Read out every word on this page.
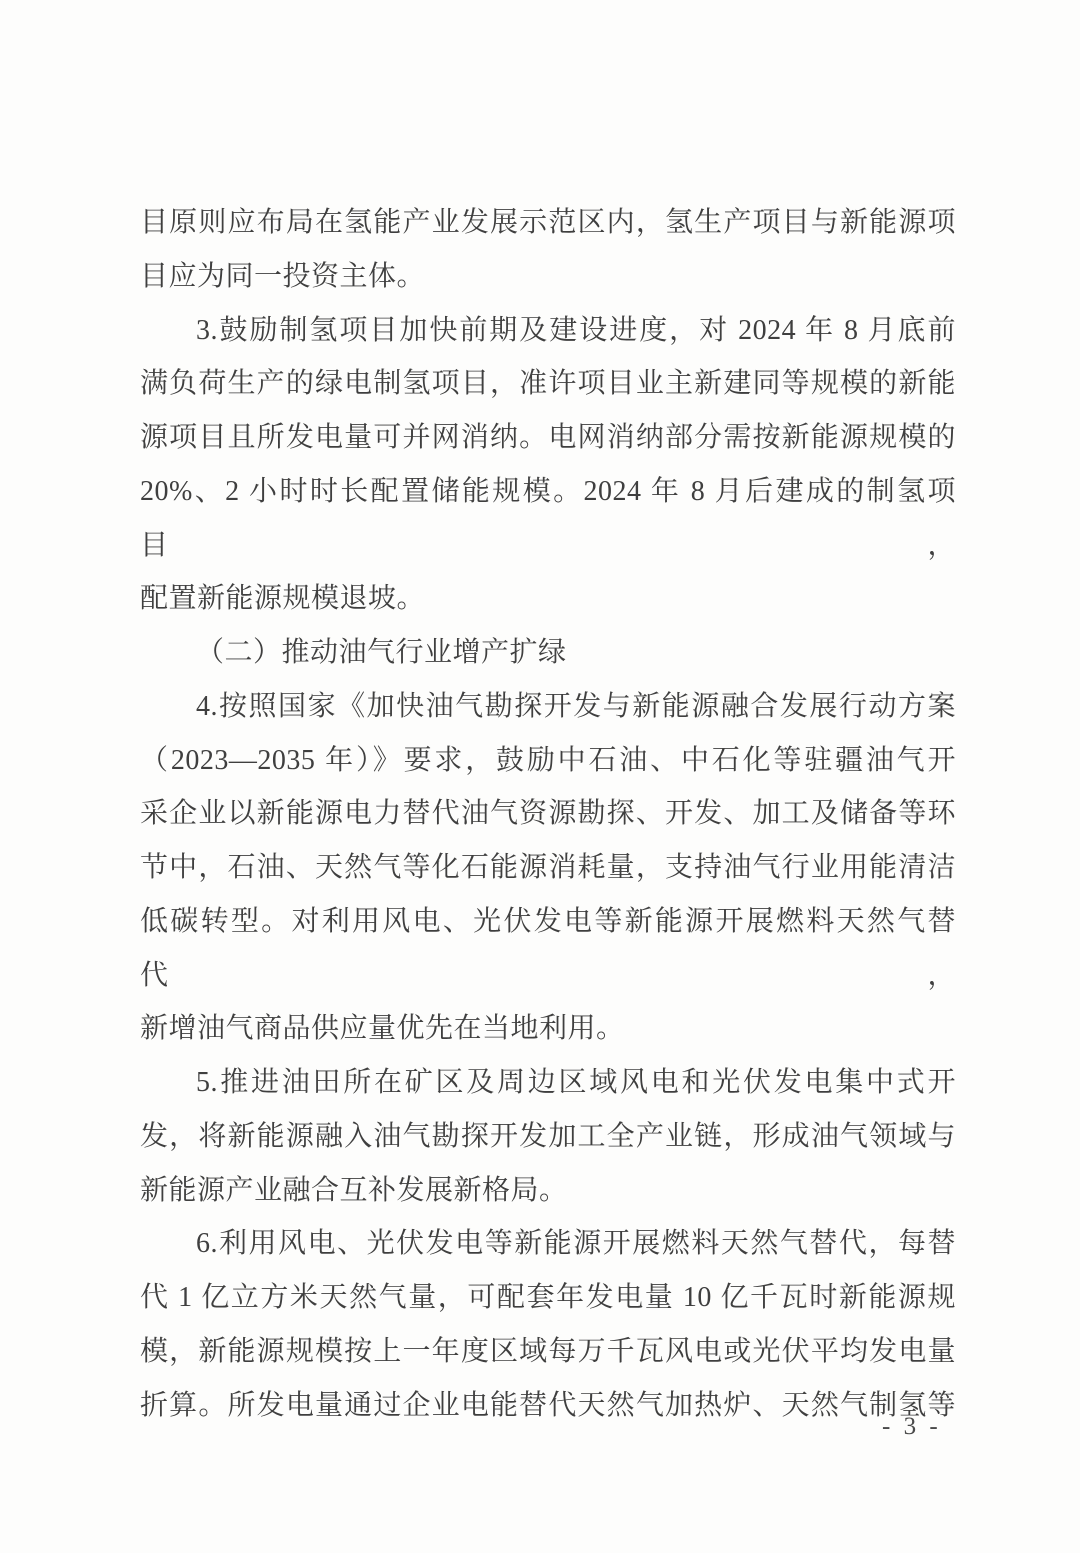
目原则应布局在氢能产业发展示范区内，氢生产项目与新能源项
目应为同一投资主体。
3.鼓励制氢项目加快前期及建设进度，对 2024 年 8 月底前
满负荷生产的绿电制氢项目，准许项目业主新建同等规模的新能
源项目且所发电量可并网消纳。电网消纳部分需按新能源规模的
20%、2 小时时长配置储能规模。2024 年 8 月后建成的制氢项目，
配置新能源规模退坡。
（二）推动油气行业增产扩绿
4.按照国家《加快油气勘探开发与新能源融合发展行动方案
（2023—2035 年）》要求，鼓励中石油、中石化等驻疆油气开
采企业以新能源电力替代油气资源勘探、开发、加工及储备等环
节中，石油、天然气等化石能源消耗量，支持油气行业用能清洁
低碳转型。对利用风电、光伏发电等新能源开展燃料天然气替代，
新增油气商品供应量优先在当地利用。
5.推进油田所在矿区及周边区域风电和光伏发电集中式开
发，将新能源融入油气勘探开发加工全产业链，形成油气领域与
新能源产业融合互补发展新格局。
6.利用风电、光伏发电等新能源开展燃料天然气替代，每替
代 1 亿立方米天然气量，可配套年发电量 10 亿千瓦时新能源规
模，新能源规模按上一年度区域每万千瓦风电或光伏平均发电量
折算。所发电量通过企业电能替代天然气加热炉、天然气制氢等
- 3 -
